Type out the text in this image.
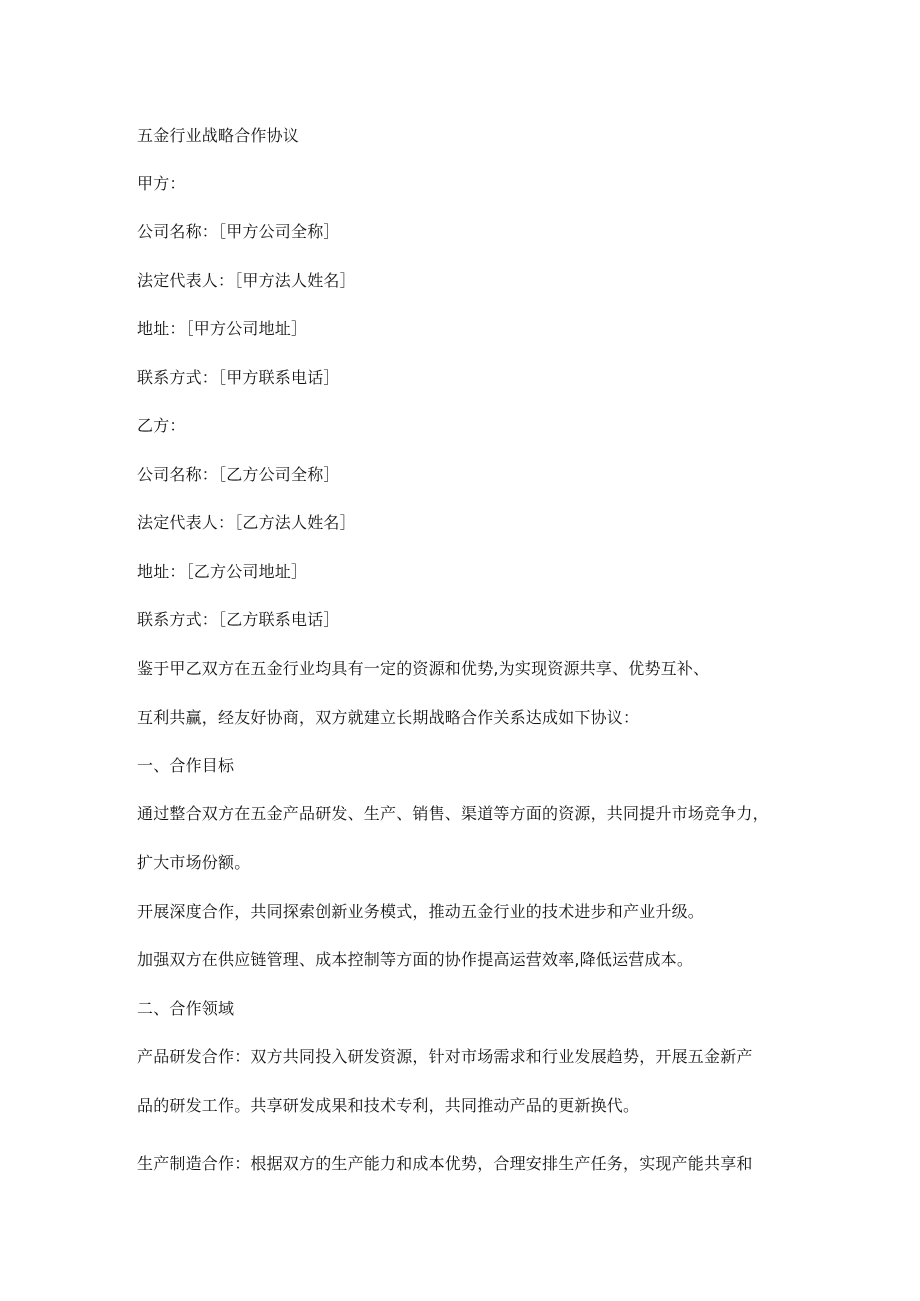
五金行业战略合作协议
甲方：
公司名称：［甲方公司全称］
法定代表人：［甲方法人姓名］
地址：［甲方公司地址］
联系方式：［甲方联系电话］
乙方：
公司名称：［乙方公司全称］
法定代表人：［乙方法人姓名］
地址：［乙方公司地址］
联系方式：［乙方联系电话］
鉴于甲乙双方在五金行业均具有一定的资源和优势,为实现资源共享、优势互补、
互利共赢，经友好协商，双方就建立长期战略合作关系达成如下协议：
一、合作目标
通过整合双方在五金产品研发、生产、销售、渠道等方面的资源，共同提升市场竞争力，
扩大市场份额。
开展深度合作，共同探索创新业务模式，推动五金行业的技术进步和产业升级。
加强双方在供应链管理、成本控制等方面的协作提高运营效率,降低运营成本。
二、合作领域
产品研发合作：双方共同投入研发资源，针对市场需求和行业发展趋势，开展五金新产
品的研发工作。共享研发成果和技术专利，共同推动产品的更新换代。
生产制造合作：根据双方的生产能力和成本优势，合理安排生产任务，实现产能共享和
